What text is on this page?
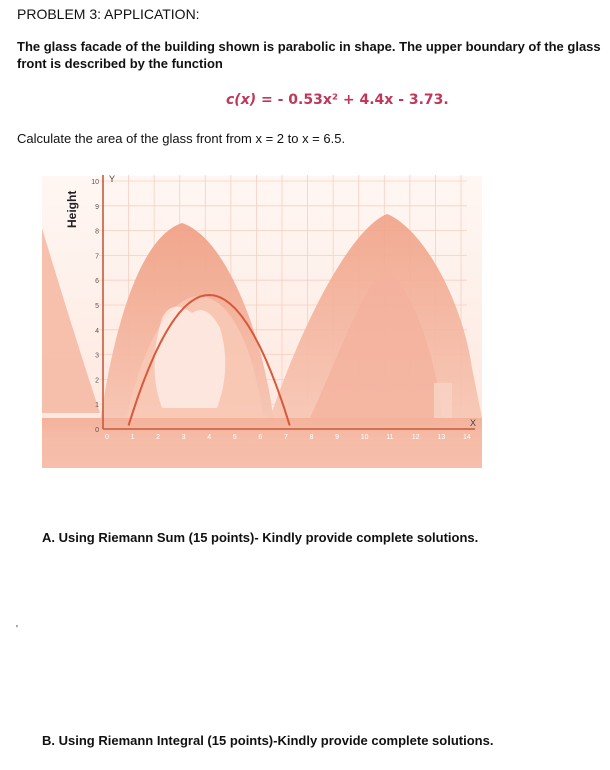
PROBLEM 3: APPLICATION:
The glass facade of the building shown is parabolic in shape. The upper boundary of the glass
front is described by the function
c(x) = - 0.53x² + 4.4x - 3.73.
Calculate the area of the glass front from x = 2 to x = 6.5.
Height
Y
X
0	1	2	3	4	5	6	7	8	9	10	11	12	13	14
0
1
2
3
4
5
6
7
8
9
10
A. Using Riemann Sum (15 points)- Kindly provide complete solutions.
'
B. Using Riemann Integral (15 points)-Kindly provide complete solutions.
